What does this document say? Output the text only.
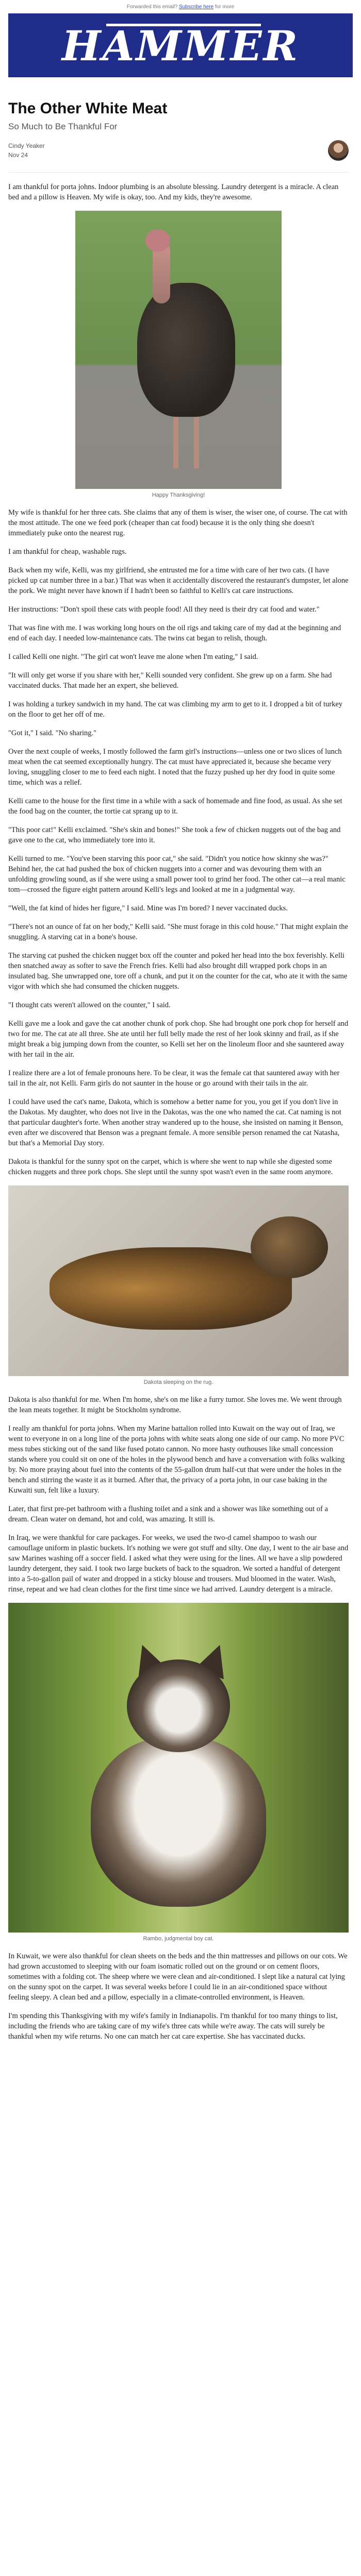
Forwarded this email? Subscribe here for more
HAMMER
The Other White Meat
So Much to Be Thankful For
Cindy Yeaker
Nov 24

I am thankful for porta johns. Indoor plumbing is an absolute blessing. Laundry detergent is a miracle. A clean bed and a pillow is Heaven. My wife is okay, too. And my kids, they're awesome.

Happy Thanksgiving!

My wife is thankful for her three cats. She claims that any of them is wiser, the wiser one, of course. The cat with the most attitude. The one we feed pork (cheaper than cat food) because it is the only thing she doesn't immediately puke onto the nearest rug.

I am thankful for cheap, washable rugs.

Back when my wife, Kelli, was my girlfriend, she entrusted me for a time with care of her two cats. (I have picked up cat number three in a bar.) That was when it accidentally discovered the restaurant's dumpster, let alone the pork. We might never have known if I hadn't been so faithful to Kelli's cat care instructions.

Her instructions: "Don't spoil these cats with people food! All they need is their dry cat food and water."

That was fine with me. I was working long hours on the oil rigs and taking care of my dad at the beginning and end of each day. I needed low-maintenance cats. The twins cat began to relish, though.

I called Kelli one night. "The girl cat won't leave me alone when I'm eating," I said.

"It will only get worse if you share with her," Kelli sounded very confident. She grew up on a farm. She had vaccinated ducks. That made her an expert, she believed.

I was holding a turkey sandwich in my hand. The cat was climbing my arm to get to it. I dropped a bit of turkey on the floor to get her off of me.

"Got it," I said. "No sharing."

Over the next couple of weeks, I mostly followed the farm girl's instructions—unless one or two slices of lunch meat when the cat seemed exceptionally hungry. The cat must have appreciated it, because she became very loving, snuggling closer to me to feed each night. I noted that the fuzzy pushed up her dry food in quite some time, which was a relief.

Kelli came to the house for the first time in a while with a sack of homemade and fine food, as usual. As she set the food bag on the counter, the tortie cat sprang up to it.

"This poor cat!" Kelli exclaimed. "She's skin and bones!" She took a few of chicken nuggets out of the bag and gave one to the cat, who immediately tore into it.

Kelli turned to me. "You've been starving this poor cat," she said. "Didn't you notice how skinny she was?" Behind her, the cat had pushed the box of chicken nuggets into a corner and was devouring them with an unfolding growling sound, as if she were using a small power tool to grind her food. The other cat—a real manic tom—crossed the figure eight pattern around Kelli's legs and looked at me in a judgmental way.

"Well, the fat kind of hides her figure," I said. Mine was I'm bored? I never vaccinated ducks.

"There's not an ounce of fat on her body," Kelli said. "She must forage in this cold house." That might explain the snuggling. A starving cat in a bone's house.

The starving cat pushed the chicken nugget box off the counter and poked her head into the box feverishly. Kelli then snatched away as softer to save the French fries. Kelli had also brought dill wrapped pork chops in an insulated bag. She unwrapped one, tore off a chunk, and put it on the counter for the cat, who ate it with the same vigor with which she had consumed the chicken nuggets.

"I thought cats weren't allowed on the counter," I said.

Kelli gave me a look and gave the cat another chunk of pork chop. She had brought one pork chop for herself and two for me. The cat ate all three. She ate until her full belly made the rest of her look skinny and frail, as if she might break a big jumping down from the counter, so Kelli set her on the linoleum floor and she sauntered away with her tail in the air.

I realize there are a lot of female pronouns here. To be clear, it was the female cat that sauntered away with her tail in the air, not Kelli. Farm girls do not saunter in the house or go around with their tails in the air.

I could have used the cat's name, Dakota, which is somehow a better name for you, you get if you don't live in the Dakotas. My daughter, who does not live in the Dakotas, was the one who named the cat. Cat naming is not that particular daughter's forte. When another stray wandered up to the house, she insisted on naming it Benson, even after we discovered that Benson was a pregnant female. A more sensible person renamed the cat Natasha, but that's a Memorial Day story.

Dakota is thankful for the sunny spot on the carpet, which is where she went to nap while she digested some chicken nuggets and three pork chops. She slept until the sunny spot wasn't even in the same room anymore.

Dakota sleeping on the rug.

Dakota is also thankful for me. When I'm home, she's on me like a furry tumor. She loves me. We went through the lean meats together. It might be Stockholm syndrome.

I really am thankful for porta johns. When my Marine battalion rolled into Kuwait on the way out of Iraq, we went to everyone in on a long line of the porta johns with white seats along one side of our camp. No more PVC mess tubes sticking out of the sand like fused potato cannon. No more hasty outhouses like small concession stands where you could sit on one of the holes in the plywood bench and have a conversation with folks walking by. No more praying about fuel into the contents of the 55-gallon drum half-cut that were under the holes in the bench and stirring the waste it as it burned. After that, the privacy of a porta john, in our case baking in the Kuwaiti sun, felt like a luxury.

Later, that first pre-pet bathroom with a flushing toilet and a sink and a shower was like something out of a dream. Clean water on demand, hot and cold, was amazing. It still is.

In Iraq, we were thankful for care packages. For weeks, we used the two-d camel shampoo to wash our camouflage uniform in plastic buckets. It's nothing we were got stuff and silty. One day, I went to the air base and saw Marines washing off a soccer field. I asked what they were using for the lines. All we have a slip powdered laundry detergent, they said. I took two large buckets of back to the squadron. We sorted a handful of detergent into a 5-to-gallon pail of water and dropped in a sticky blouse and trousers. Mud bloomed in the water. Wash, rinse, repeat and we had clean clothes for the first time since we had arrived. Laundry detergent is a miracle.

Rambo, judgmental boy cat.

In Kuwait, we were also thankful for clean sheets on the beds and the thin mattresses and pillows on our cots. We had grown accustomed to sleeping with our foam isomatic rolled out on the ground or on cement floors, sometimes with a folding cot. The sheep where we were clean and air-conditioned. I slept like a natural cat lying on the sunny spot on the carpet. It was several weeks before I could lie in an air-conditioned space without feeling sleepy. A clean bed and a pillow, especially in a climate-controlled environment, is Heaven.

I'm spending this Thanksgiving with my wife's family in Indianapolis. I'm thankful for too many things to list, including the friends who are taking care of my wife's three cats while we're away. The cats will surely be thankful when my wife returns. No one can match her cat care expertise. She has vaccinated ducks.
